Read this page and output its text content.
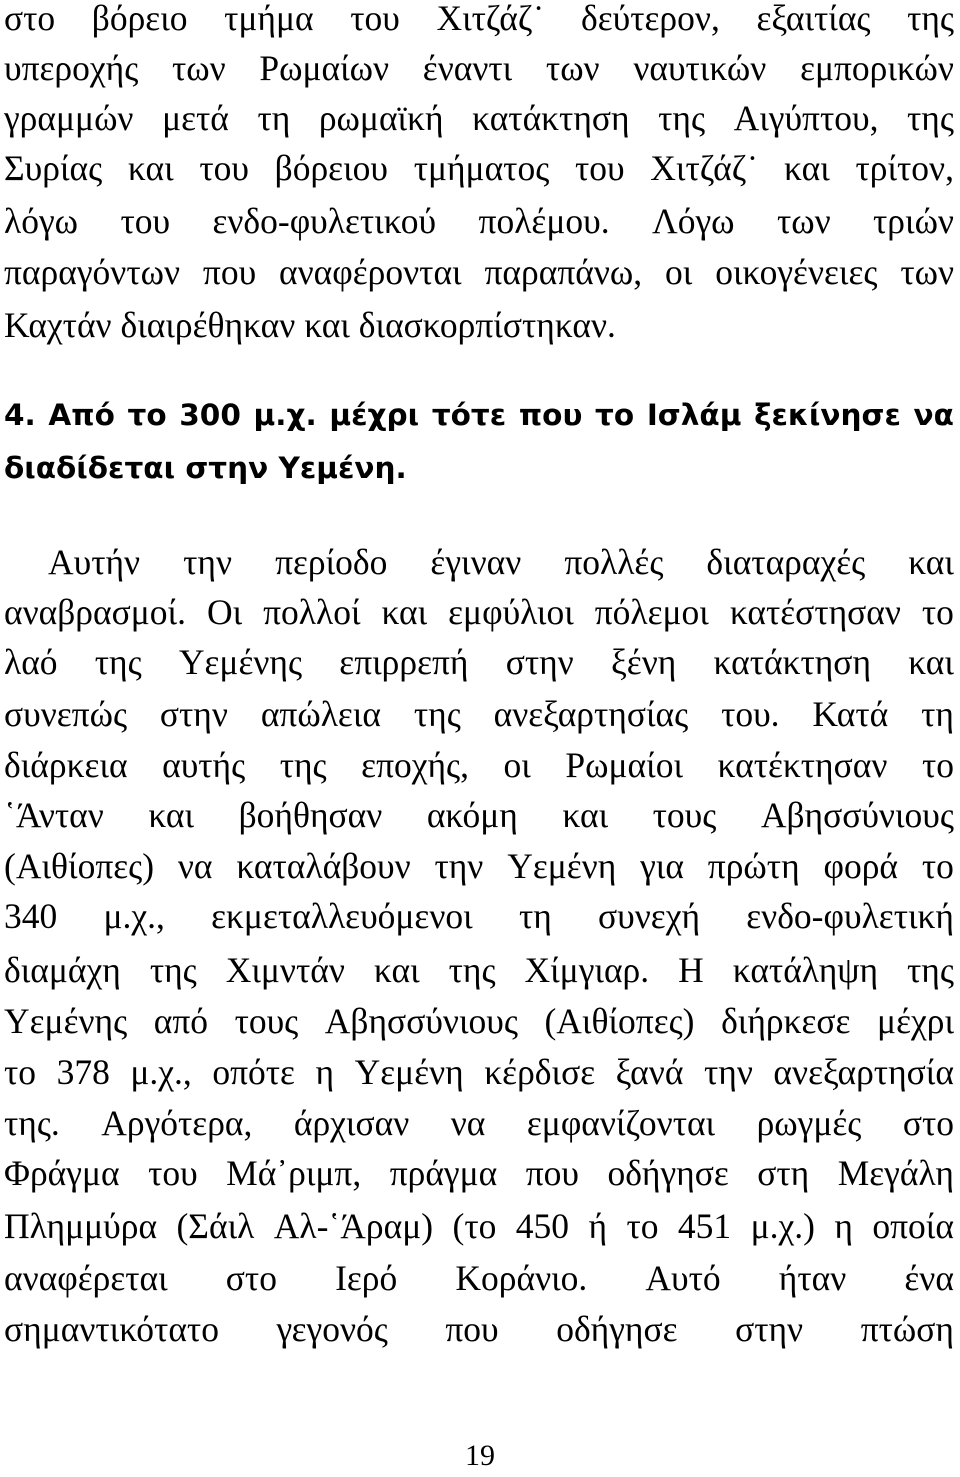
στο βόρειο τμήμα του Χιτζάζ˙ δεύτερον, εξαιτίας της
υπεροχής των Ρωμαίων έναντι των ναυτικών εμπορικών
γραμμών μετά τη ρωμαϊκή κατάκτηση της Αιγύπτου, της
Συρίας και του βόρειου τμήματος του Χιτζάζ˙ και τρίτον,
λόγω του ενδο-φυλετικού πολέμου. Λόγω των τριών
παραγόντων που αναφέρονται παραπάνω, οι οικογένειες των
Καχτάν διαιρέθηκαν και διασκορπίστηκαν.
4. Από το 300 μ.χ. μέχρι τότε που το Ισλάμ ξεκίνησε να
διαδίδεται στην Υεμένη.
Αυτήν την περίοδο έγιναν πολλές διαταραχές και
αναβρασμοί. Οι πολλοί και εμφύλιοι πόλεμοι κατέστησαν το
λαό της Υεμένης επιρρεπή στην ξένη κατάκτηση και
συνεπώς στην απώλεια της ανεξαρτησίας του. Κατά τη
διάρκεια αυτής της εποχής, οι Ρωμαίοι κατέκτησαν το
῾Άνταν και βοήθησαν ακόμη και τους Αβησσύνιους
(Αιθίοπες) να καταλάβουν την Υεμένη για πρώτη φορά το
340 μ.χ., εκμεταλλευόμενοι τη συνεχή ενδο-φυλετική
διαμάχη της Χιμντάν και της Χίμγιαρ. Η κατάληψη της
Υεμένης από τους Αβησσύνιους (Αιθίοπες) διήρκεσε μέχρι
το 378 μ.χ., οπότε η Υεμένη κέρδισε ξανά την ανεξαρτησία
της. Αργότερα, άρχισαν να εμφανίζονται ρωγμές στο
Φράγμα του Μά᾽ριμπ, πράγμα που οδήγησε στη Μεγάλη
Πλημμύρα (Σάιλ Αλ-῾Άραμ) (το 450 ή το 451 μ.χ.) η οποία
αναφέρεται στο Ιερό Κοράνιο. Αυτό ήταν ένα
σημαντικότατο γεγονός που οδήγησε στην πτώση
19
